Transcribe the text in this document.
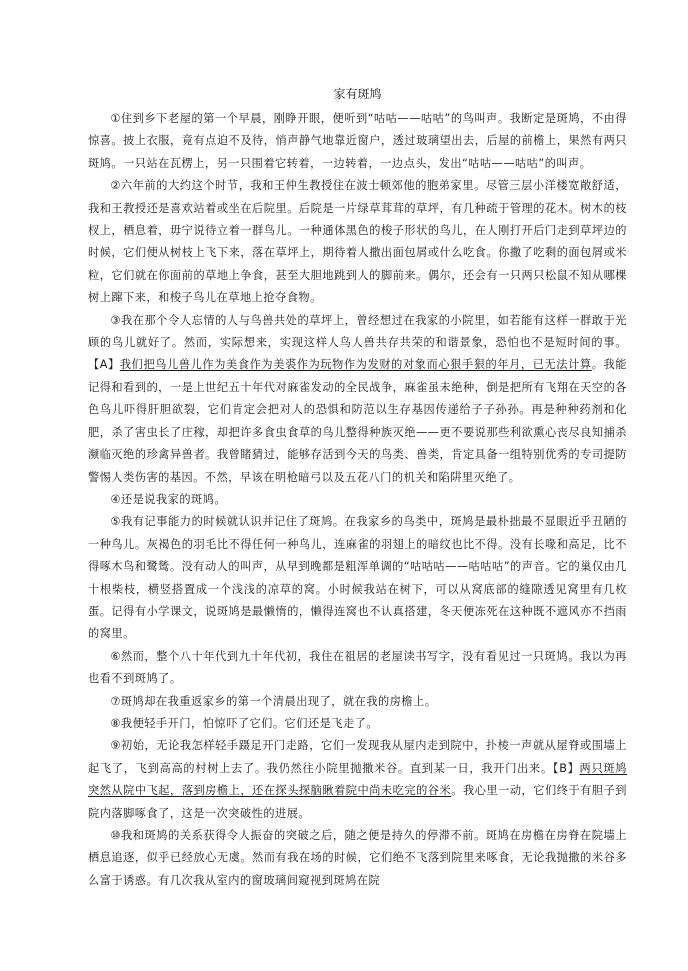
家有斑鸠

①住到乡下老屋的第一个早晨，刚睁开眼，便听到“咕咕——咕咕”的鸟叫声。我断定是斑鸠，不由得惊喜。披上衣服，竟有点迫不及待，悄声静气地靠近窗户，透过玻璃望出去，后屋的前檐上，果然有两只斑鸠。一只站在瓦楞上，另一只围着它转着，一边转着，一边点头，发出“咕咕——咕咕”的叫声。

②六年前的大约这个时节，我和王仲生教授住在波士顿郊他的胞弟家里。尽管三层小洋楼宽敞舒适，我和王教授还是喜欢站着或坐在后院里。后院是一片绿草茸茸的草坪，有几种疏于管理的花木。树木的枝杈上，栖息着，毋宁说待立着一群鸟儿。一种通体黑色的梭子形状的鸟儿，在人刚打开后门走到草坪边的时候，它们便从树枝上飞下来，落在草坪上，期待着人撒出面包屑或什么吃食。你撒了吃剩的面包屑或米粒，它们就在你面前的草地上争食，甚至大胆地跳到人的脚前来。偶尔，还会有一只两只松鼠不知从哪棵树上蹿下来，和梭子鸟儿在草地上抢夺食物。

③我在那个令人忘情的人与鸟兽共处的草坪上，曾经想过在我家的小院里，如若能有这样一群敢于光顾的鸟儿就好了。然而，实际想来，实现这样人鸟人兽共存共荣的和谐景象，恐怕也不是短时间的事。【A】我们把鸟儿兽儿作为美食作为美裘作为玩物作为发财的对象而心狠手狠的年月，已无法计算。我能记得和看到的，一是上世纪五十年代对麻雀发动的全民战争，麻雀虽未绝种，倒是把所有飞翔在天空的各色鸟儿吓得肝胆欲裂，它们肯定会把对人的恐惧和防范以生存基因传递给子子孙孙。再是种种药剂和化肥，杀了害虫长了庄稼，却把许多食虫食草的鸟儿整得种族灭绝——更不要说那些利欲熏心丧尽良知捕杀濒临灭绝的珍禽异兽者。我曾睹猜过，能够存活到今天的鸟类、兽类，肯定具备一组特别优秀的专司提防警惕人类伤害的基因。不然，早该在明枪暗弓以及五花八门的机关和陷阱里灭绝了。

④还是说我家的斑鸠。

⑤我有记事能力的时候就认识并记住了斑鸠。在我家乡的鸟类中，斑鸠是最朴拙最不显眼近乎丑陋的一种鸟儿。灰褐色的羽毛比不得任何一种鸟儿，连麻雀的羽翅上的暗纹也比不得。没有长喙和高足，比不得啄木鸟和鹭鸶。没有动人的叫声，从早到晚都是粗浑单调的“咕咕咕——咕咕咕”的声音。它的巢仅由几十根柴枝，横竖搭置成一个浅浅的凉草的窝。小时候我站在树下，可以从窝底部的缝隙透见窝里有几枚蛋。记得有小学课文，说斑鸠是最懒惰的，懒得连窝也不认真搭建，冬天便冻死在这种既不遮风亦不挡雨的窝里。

⑥然而，整个八十年代到九十年代初，我住在祖居的老屋读书写字，没有看见过一只斑鸠。我以为再也看不到斑鸠了。

⑦斑鸠却在我重返家乡的第一个清晨出现了，就在我的房檐上。

⑧我便轻手开门，怕惊吓了它们。它们还是飞走了。

⑨初始，无论我怎样轻手蹑足开门走路，它们一发现我从屋内走到院中，扑棱一声就从屋脊或围墙上起飞了，飞到高高的村树上去了。我仍然往小院里抛撒米谷。直到某一日，我开门出来。【B】两只斑鸠突然从院中飞起，落到房檐上，还在探头探脑瞅着院中尚未吃完的谷米。我心里一动，它们终于有胆子到院内落脚啄食了，这是一次突破性的进展。

⑩我和斑鸠的关系获得令人振奋的突破之后，随之便是持久的停滞不前。斑鸠在房檐在房脊在院墙上栖息追逐，似乎已经放心无虞。然而有我在场的时候，它们绝不飞落到院里来啄食，无论我抛撒的米谷多么富于诱惑。有几次我从室内的窗玻璃间窥视到斑鸠在院
